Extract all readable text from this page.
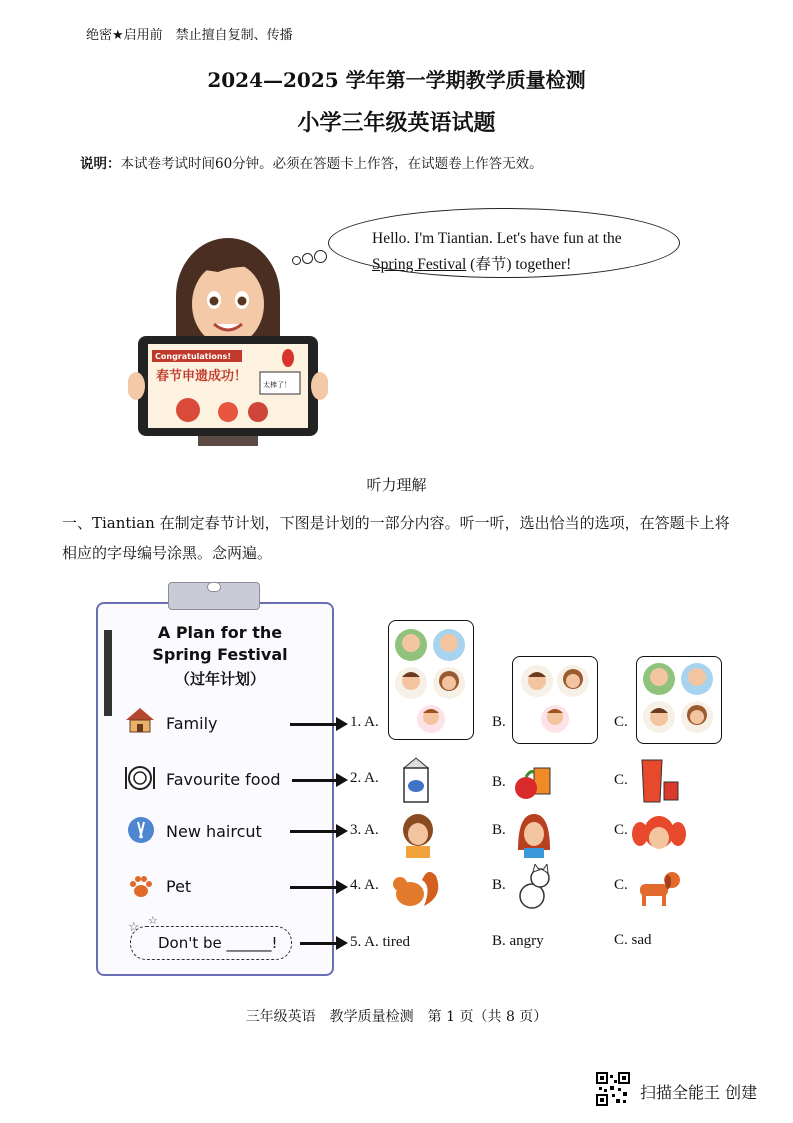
绝密★启用前　禁止擅自复制、传播
2024—2025 学年第一学期教学质量检测
小学三年级英语试题
说明：本试卷考试时间60分钟。必须在答题卡上作答，在试题卷上作答无效。
Congratulations!
春节申遗成功！
太棒了！
Hello. I'm Tiantian. Let's have fun at the
Spring Festival (春节) together!
听力理解
一、Tiantian 在制定春节计划，下图是计划的一部分内容。听一听，选出恰当的选项，在答题卡上将相应的字母编号涂黑。念两遍。
A Plan for the
Spring Festival
（过年计划）
Family
Favourite food
New haircut
Pet
1. A.	B.	C.
2. A.	B.	C.
3. A.	B.	C.
4. A.	B.	C.
☆ ☆
Don't be ______!	5. A. tired	B. angry	C. sad
三年级英语　教学质量检测　第 1 页（共 8 页）
扫描全能王 创建
